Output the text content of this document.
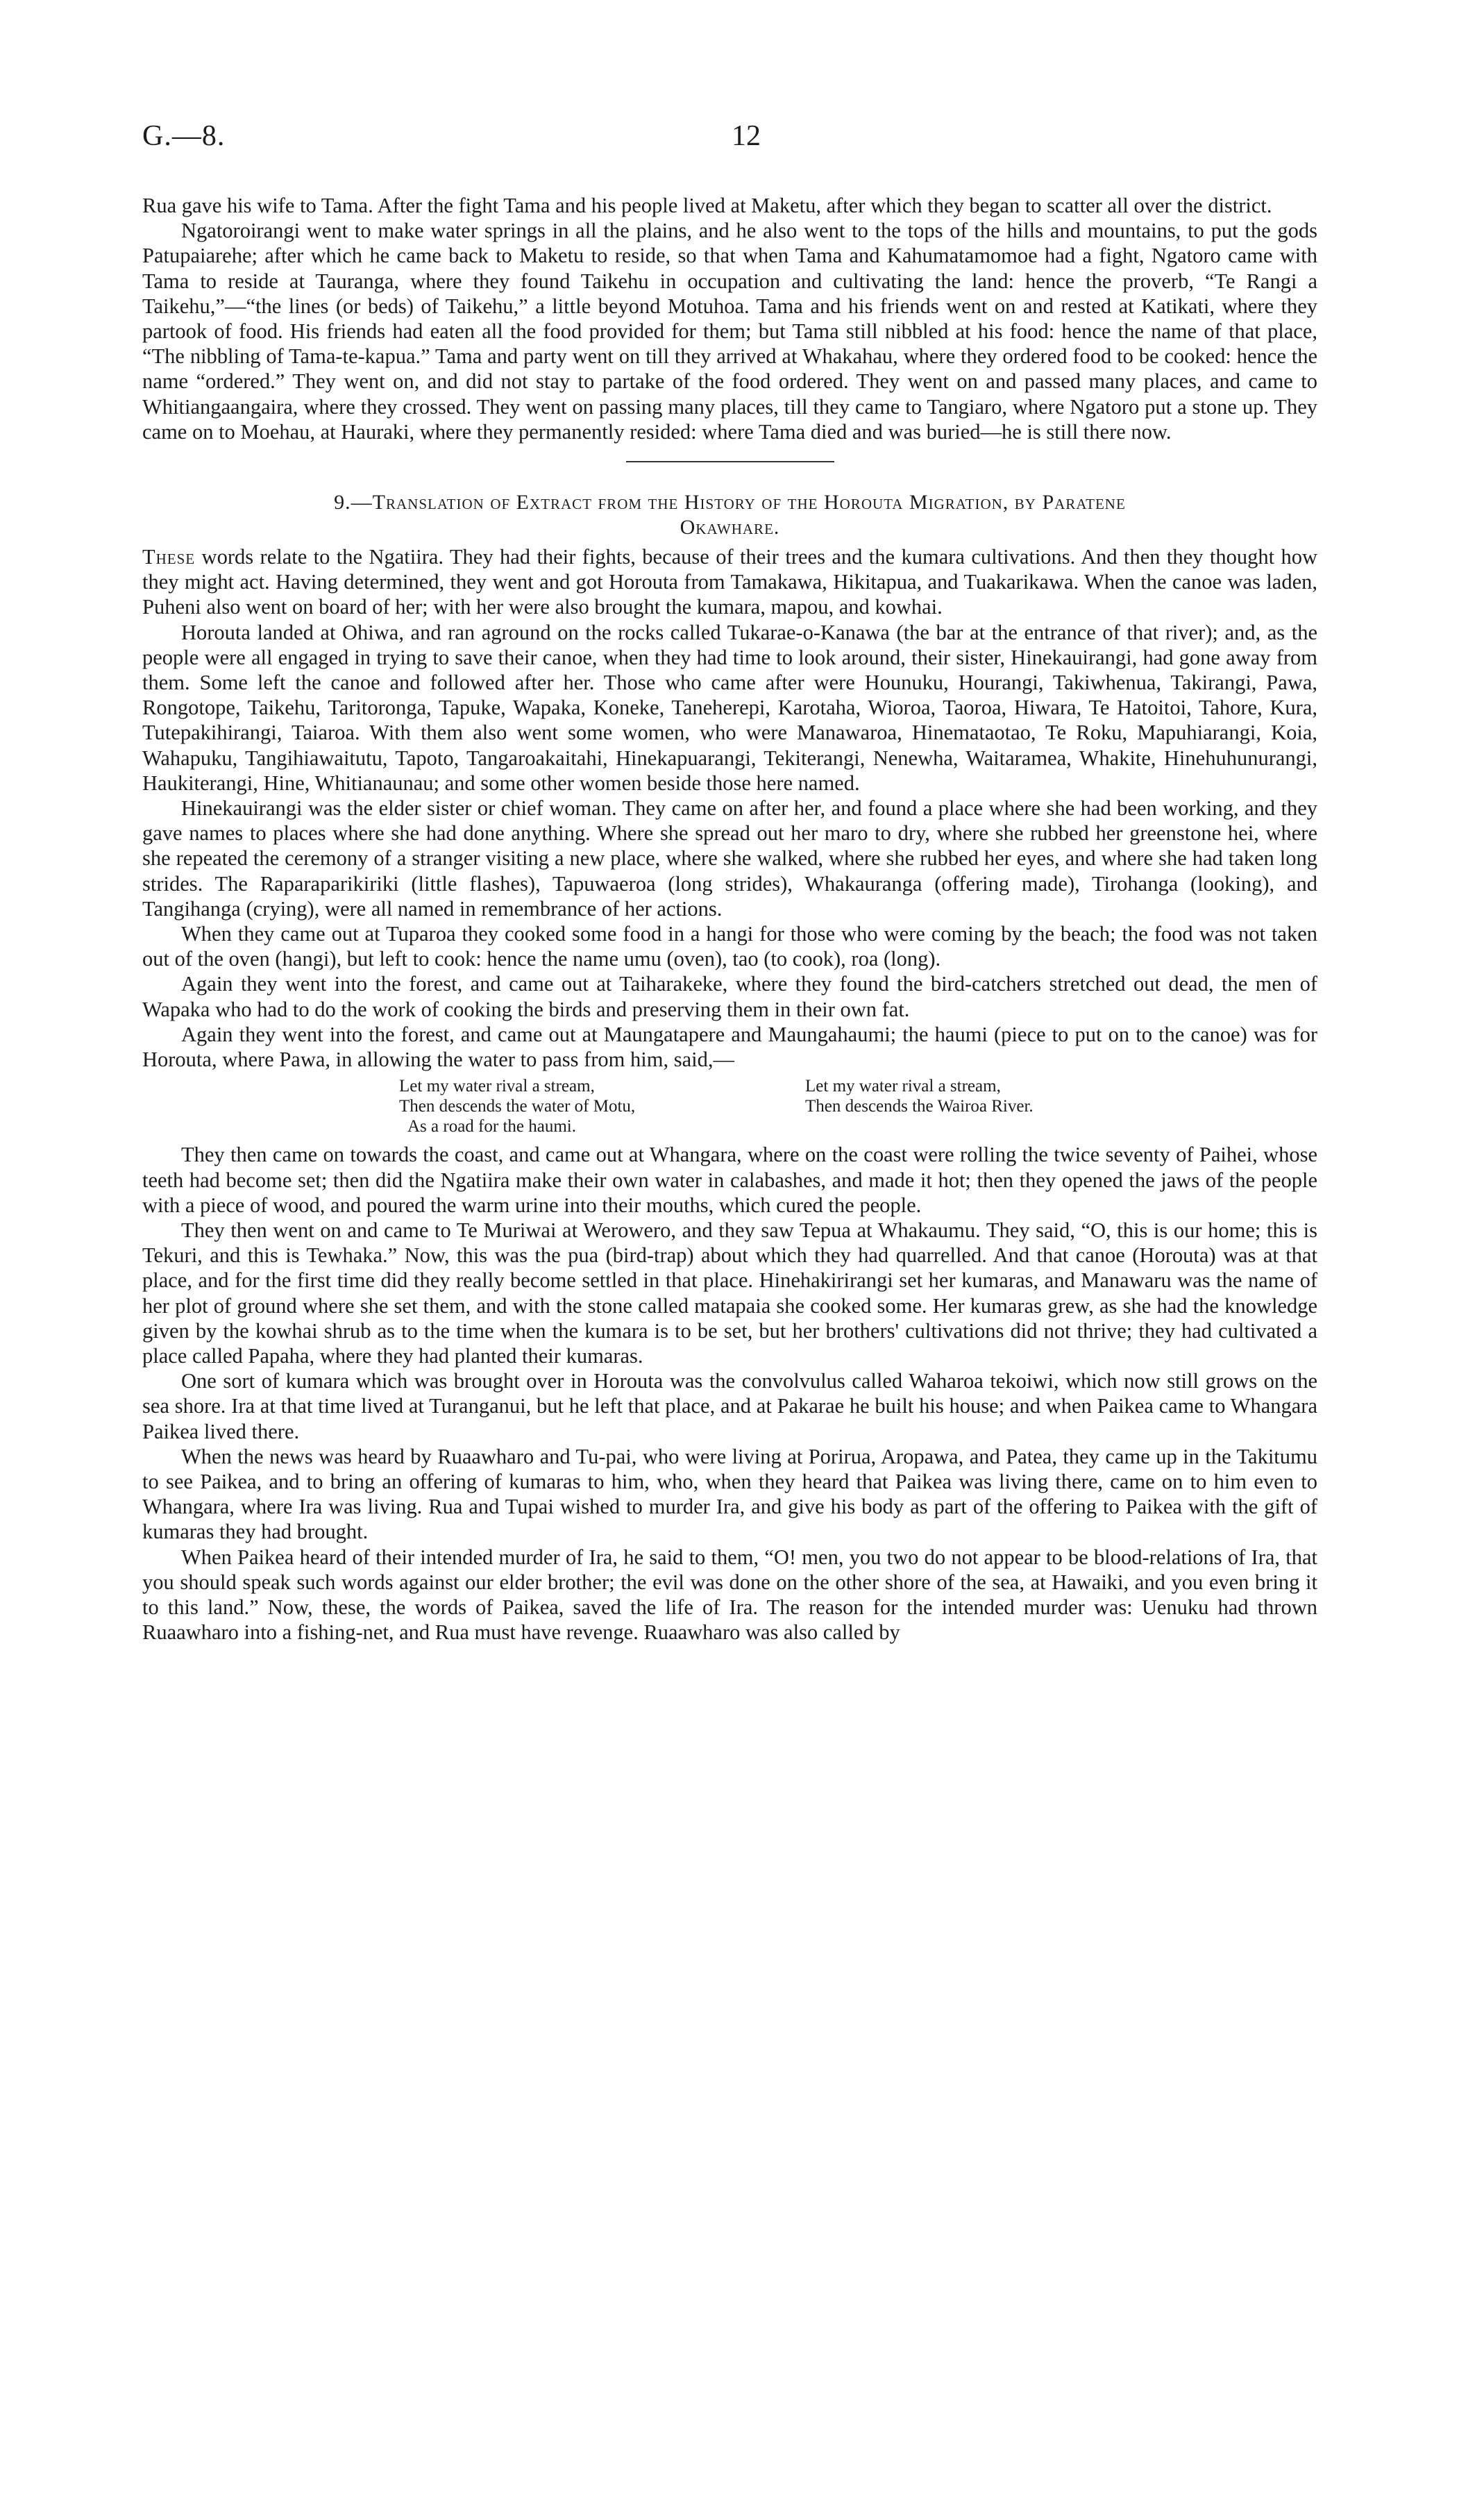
G.—8.	12

Rua gave his wife to Tama. After the fight Tama and his people lived at Maketu, after which they began to scatter all over the district.

Ngatoroirangi went to make water springs in all the plains, and he also went to the tops of the hills and mountains, to put the gods Patupaiarehe; after which he came back to Maketu to reside, so that when Tama and Kahumatamomoe had a fight, Ngatoro came with Tama to reside at Tauranga, where they found Taikehu in occupation and cultivating the land: hence the proverb, “Te Rangi a Taikehu,”—“the lines (or beds) of Taikehu,” a little beyond Motuhoa. Tama and his friends went on and rested at Katikati, where they partook of food. His friends had eaten all the food provided for them; but Tama still nibbled at his food: hence the name of that place, “The nibbling of Tama-te-kapua.” Tama and party went on till they arrived at Whakahau, where they ordered food to be cooked: hence the name “ordered.” They went on, and did not stay to partake of the food ordered. They went on and passed many places, and came to Whitiangaangaira, where they crossed. They went on passing many places, till they came to Tangiaro, where Ngatoro put a stone up. They came on to Moehau, at Hauraki, where they permanently resided: where Tama died and was buried—he is still there now.

9.—Translation of Extract from the History of the Horouta Migration, by Paratene
Okawhare.

These words relate to the Ngatiira. They had their fights, because of their trees and the kumara cultivations. And then they thought how they might act. Having determined, they went and got Horouta from Tamakawa, Hikitapua, and Tuakarikawa. When the canoe was laden, Puheni also went on board of her; with her were also brought the kumara, mapou, and kowhai.

Horouta landed at Ohiwa, and ran aground on the rocks called Tukarae-o-Kanawa (the bar at the entrance of that river); and, as the people were all engaged in trying to save their canoe, when they had time to look around, their sister, Hinekauirangi, had gone away from them. Some left the canoe and followed after her. Those who came after were Hounuku, Hourangi, Takiwhenua, Takirangi, Pawa, Rongotope, Taikehu, Taritoronga, Tapuke, Wapaka, Koneke, Taneherepi, Karotaha, Wioroa, Taoroa, Hiwara, Te Hatoitoi, Tahore, Kura, Tutepakihirangi, Taiaroa. With them also went some women, who were Manawaroa, Hinemataotao, Te Roku, Mapuhiarangi, Koia, Wahapuku, Tangihiawaitutu, Tapoto, Tangaroakaitahi, Hinekapuarangi, Tekiterangi, Nenewha, Waitaramea, Whakite, Hinehuhunurangi, Haukiterangi, Hine, Whitianaunau; and some other women beside those here named.

Hinekauirangi was the elder sister or chief woman. They came on after her, and found a place where she had been working, and they gave names to places where she had done anything. Where she spread out her maro to dry, where she rubbed her greenstone hei, where she repeated the ceremony of a stranger visiting a new place, where she walked, where she rubbed her eyes, and where she had taken long strides. The Raparaparikiriki (little flashes), Tapuwaeroa (long strides), Whakauranga (offering made), Tirohanga (looking), and Tangihanga (crying), were all named in remembrance of her actions.

When they came out at Tuparoa they cooked some food in a hangi for those who were coming by the beach; the food was not taken out of the oven (hangi), but left to cook: hence the name umu (oven), tao (to cook), roa (long).

Again they went into the forest, and came out at Taiharakeke, where they found the bird-catchers stretched out dead, the men of Wapaka who had to do the work of cooking the birds and preserving them in their own fat.

Again they went into the forest, and came out at Maungatapere and Maungahaumi; the haumi (piece to put on to the canoe) was for Horouta, where Pawa, in allowing the water to pass from him, said,—

Let my water rival a stream,
Then descends the water of Motu,
As a road for the haumi.
Let my water rival a stream,
Then descends the Wairoa River.

They then came on towards the coast, and came out at Whangara, where on the coast were rolling the twice seventy of Paihei, whose teeth had become set; then did the Ngatiira make their own water in calabashes, and made it hot; then they opened the jaws of the people with a piece of wood, and poured the warm urine into their mouths, which cured the people.

They then went on and came to Te Muriwai at Werowero, and they saw Tepua at Whakaumu. They said, “O, this is our home; this is Tekuri, and this is Tewhaka.” Now, this was the pua (bird-trap) about which they had quarrelled. And that canoe (Horouta) was at that place, and for the first time did they really become settled in that place. Hinehakirirangi set her kumaras, and Manawaru was the name of her plot of ground where she set them, and with the stone called matapaia she cooked some. Her kumaras grew, as she had the knowledge given by the kowhai shrub as to the time when the kumara is to be set, but her brothers' cultivations did not thrive; they had cultivated a place called Papaha, where they had planted their kumaras.

One sort of kumara which was brought over in Horouta was the convolvulus called Waharoa tekoiwi, which now still grows on the sea shore. Ira at that time lived at Turanganui, but he left that place, and at Pakarae he built his house; and when Paikea came to Whangara Paikea lived there.

When the news was heard by Ruaawharo and Tu-pai, who were living at Porirua, Aropawa, and Patea, they came up in the Takitumu to see Paikea, and to bring an offering of kumaras to him, who, when they heard that Paikea was living there, came on to him even to Whangara, where Ira was living. Rua and Tupai wished to murder Ira, and give his body as part of the offering to Paikea with the gift of kumaras they had brought.

When Paikea heard of their intended murder of Ira, he said to them, “O! men, you two do not appear to be blood-relations of Ira, that you should speak such words against our elder brother; the evil was done on the other shore of the sea, at Hawaiki, and you even bring it to this land.” Now, these, the words of Paikea, saved the life of Ira. The reason for the intended murder was: Uenuku had thrown Ruaawharo into a fishing-net, and Rua must have revenge. Ruaawharo was also called by
